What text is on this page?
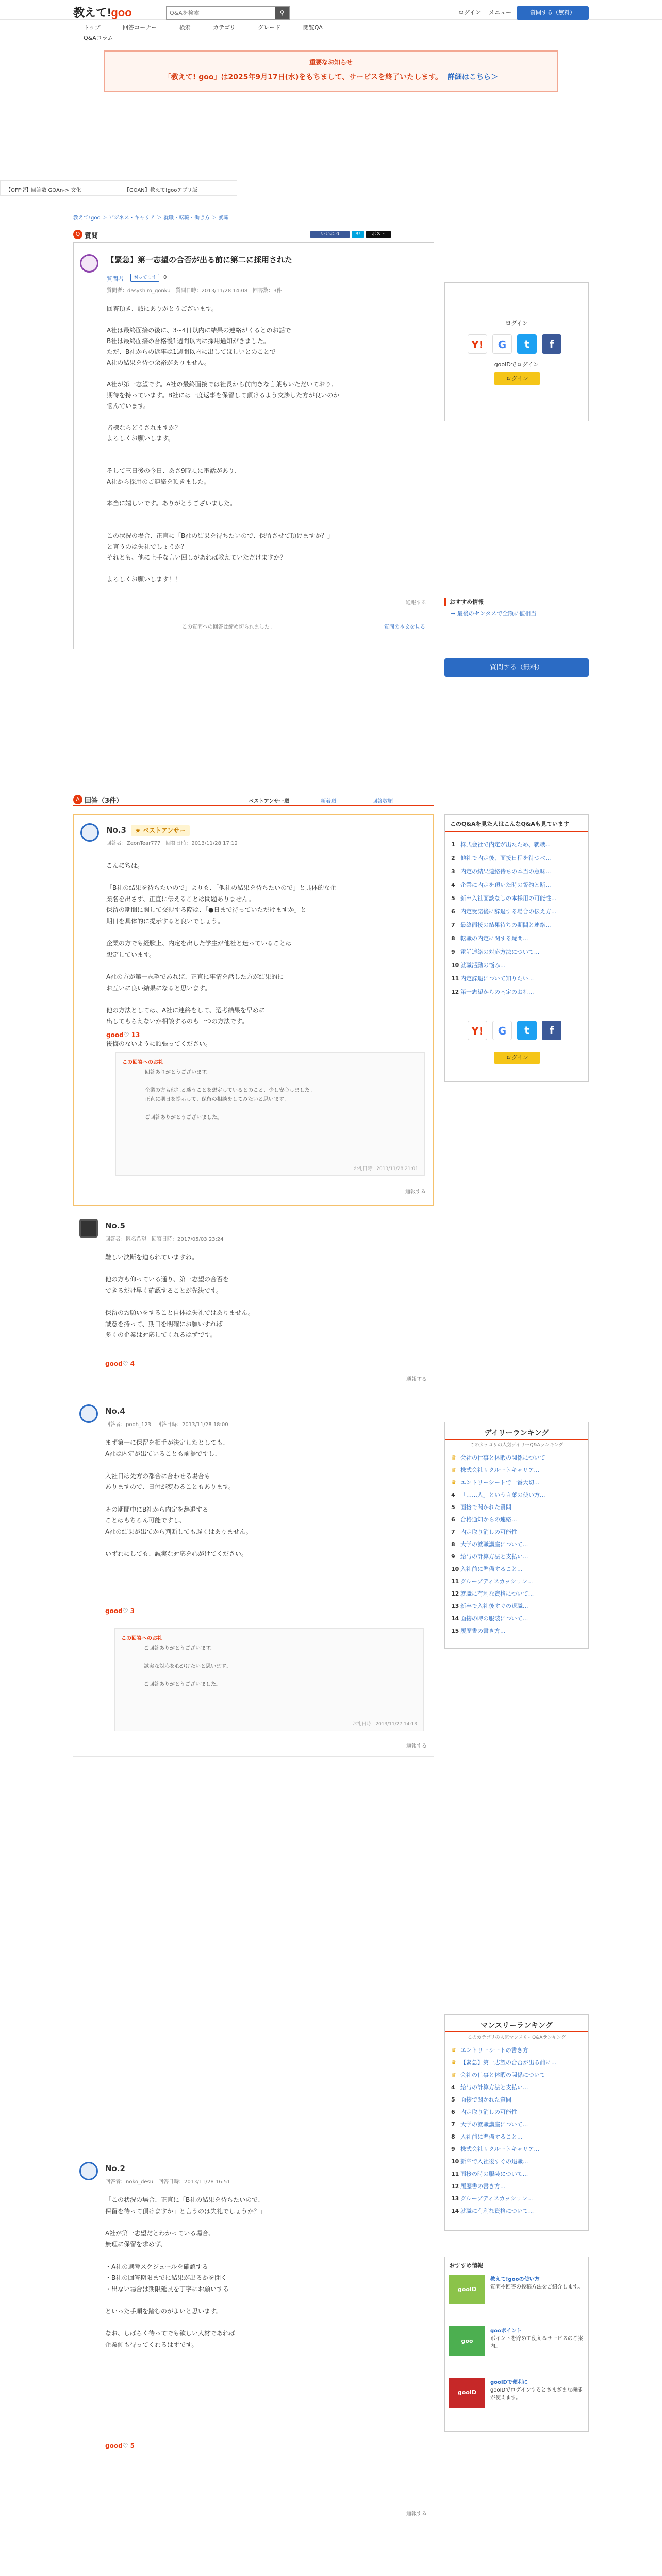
教えて!goo
Q&Aを検索	⚲	ログイン メニュー	質問する（無料）
トップ	回答コーナー	検索	カテゴリ	グレード	閲覧QA
Q&Aコラム
重要なお知らせ
「教えて! goo」は2025年9月17日(水)をもちまして、サービスを終了いたします。 詳細はこちら＞
【OFF型】回答数 GOAn-> 文化	【GOAN】教えて!gooアプリ版
教えて!goo ＞ ビジネス・キャリア ＞ 就職・転職・働き方 ＞ 就職
Q 質問	いいね 0	B!	ポスト
【緊急】第一志望の合否が出る前に第二に採用された
質問者	困ってます	0
質問者：dasyshiro_gonku　質問日時：2013/11/28 14:08　回答数：3件
回答頂き、誠にありがとうございます。

A社は最終面接の後に、3~4日以内に結果の連絡がくるとのお話で
B社は最終面接の合格後1週間以内に採用通知がきました。
ただ、B社からの返事は1週間以内に出してほしいとのことで
A社の結果を待つ余裕がありません。

A社が第一志望です。A社の最終面接では社長から前向きな言葉もいただいており、
期待を持っています。B社には一度返事を保留して頂けるよう交渉した方が良いのか
悩んでいます。

皆様ならどうされますか？
よろしくお願いします。

そして三日後の今日、あさ9時頃に電話があり、
A社から採用のご連絡を頂きました。

本当に嬉しいです。ありがとうございました。

この状況の場合、正直に「B社の結果を待ちたいので、保留させて頂けますか？」
と言うのは失礼でしょうか？
それとも、他に上手な言い回しがあれば教えていただけますか？

よろしくお願いします！！
通報する
この質問への回答は締め切られました。	質問の本文を見る
ログイン
Y!	G	t	f
gooIDでログイン
ログイン
おすすめ情報
→ 最後のセンタスで全額に値相当
質問する（無料）
A 回答（3件）	ベストアンサー順	新着順	回答数順
No.3	★ ベストアンサー
回答者：ZeonTear777　回答日時：2013/11/28 17:12
こんにちは。

「B社の結果を待ちたいので」よりも、「他社の結果を待ちたいので」と具体的な企
業名を出さず、正直に伝えることは問題ありません。
保留の期間に関して交渉する際は、「●日まで待っていただけますか」と
期日を具体的に提示すると良いでしょう。

企業の方でも経験上、内定を出した学生が他社と迷っていることは
想定しています。

A社の方が第一志望であれば、正直に事情を話した方が結果的に
お互いに良い結果になると思います。

他の方法としては、A社に連絡をして、選考結果を早めに
出してもらえないか相談するのも一つの方法です。

後悔のないように頑張ってください。
good♡ 13
この回答へのお礼
回答ありがとうございます。

企業の方も他社と迷うことを想定しているとのこと、少し安心しました。
正直に期日を提示して、保留の相談をしてみたいと思います。

ご回答ありがとうございました。
お礼日時：2013/11/28 21:01
通報する
No.5
回答者：匿名希望　回答日時：2017/05/03 23:24
難しい決断を迫られていますね。

他の方も仰っている通り、第一志望の合否を
できるだけ早く確認することが先決です。

保留のお願いをすること自体は失礼ではありません。
誠意を持って、期日を明確にお願いすれば
多くの企業は対応してくれるはずです。
good♡ 4
通報する
No.4
回答者：pooh_123　回答日時：2013/11/28 18:00
まず第一に保留を相手が決定したとしても、
A社は内定が出ていることも前提ですし、

入社日は先方の都合に合わせる場合も
ありますので、日付が変わることもあります。

その期間中にB社から内定を辞退する
ことはもちろん可能ですし、
A社の結果が出てから判断しても遅くはありません。

いずれにしても、誠実な対応を心がけてください。
good♡ 3
この回答へのお礼
ご回答ありがとうございます。

誠実な対応を心がけたいと思います。

ご回答ありがとうございました。
お礼日時：2013/11/27 14:13
通報する
No.2
回答者：noko_desu　回答日時：2013/11/28 16:51
「この状況の場合、正直に「B社の結果を待ちたいので、
保留を待って頂けますか」と言うのは失礼でしょうか？」

A社が第一志望だとわかっている場合、
無理に保留を求めず、

・A社の選考スケジュールを確認する
・B社の回答期限までに結果が出るかを聞く
・出ない場合は期限延長を丁寧にお願いする

といった手順を踏むのがよいと思います。

なお、しばらく待ってでも欲しい人材であれば
企業側も待ってくれるはずです。
good♡ 5
通報する
このQ&Aを見た人はこんなQ&Aも見ています
1 株式会社で内定が出たため、就職...
2 他社で内定後、面接日程を待つべ...
3 内定の結果連絡待ちの本当の意味...
4 企業に内定を頂いた時の誓約と断...
5 新卒入社面談なしの本採用の可能性...
6 内定受諾後に辞退する場合の伝え方...
7 最終面接の結果待ちの期間と連絡...
8 転職の内定に関する疑問...
9 電話連絡の対応方法について...
10 就職活動の悩み...
11 内定辞退について知りたい...
12 第一志望からの内定のお礼...
Y!	G	t	f
ログイン
デイリーランキング
このカテゴリの人気デイリーQ&Aランキング
♛ 会社の仕事と休暇の関係について
♛ 株式会社リクルートキャリア...
♛ エントリーシートで一番大切...
4 「……人」という言葉の使い方...
5 面接で聞かれた質問
6 合格通知からの連絡...
7 内定取り消しの可能性
8 大学の就職講座について...
9 給与の計算方法と支払い...
10 入社前に準備すること...
11 グループディスカッション...
12 就職に有利な資格について...
13 新卒で入社後すぐの退職...
14 面接の時の服装について...
15 履歴書の書き方...
マンスリーランキング
このカテゴリの人気マンスリーQ&Aランキング
♛ エントリーシートの書き方
♛ 【緊急】第一志望の合否が出る前に...
♛ 会社の仕事と休暇の関係について
4 給与の計算方法と支払い...
5 面接で聞かれた質問
6 内定取り消しの可能性
7 大学の就職講座について...
8 入社前に準備すること...
9 株式会社リクルートキャリア...
10 新卒で入社後すぐの退職...
11 面接の時の服装について...
12 履歴書の書き方...
13 グループディスカッション...
14 就職に有利な資格について...
おすすめ情報
gooID
教えて!gooの使い方
質問や回答の投稿方法をご紹介します。
goo
gooポイント
ポイントを貯めて使えるサービスのご案内。
gooID
gooIDで便利に
gooIDでログインするとさまざまな機能が使えます。
